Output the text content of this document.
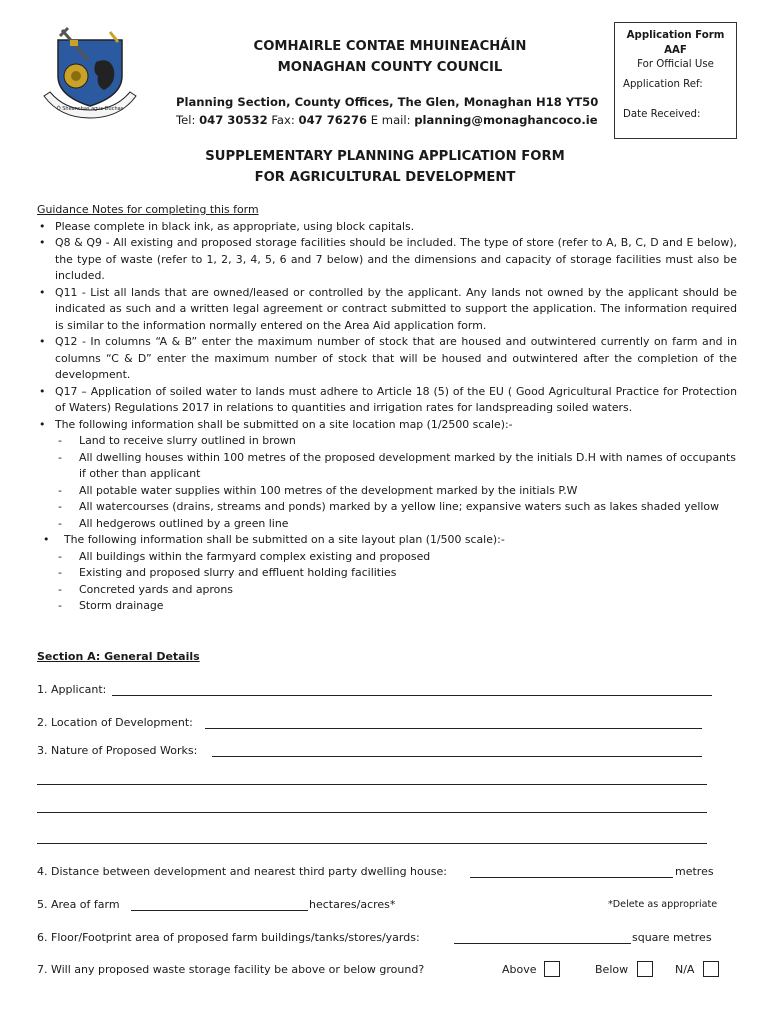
Ó Sheanchas agus Dúchas
COMHAIRLE CONTAE MHUINEACHÁIN
MONAGHAN COUNTY COUNCIL
Planning Section, County Offices, The Glen, Monaghan H18 YT50
Tel: 047 30532 Fax: 047 76276 E mail: planning@monaghancoco.ie
Application Form
AAF
For Official Use
Application Ref:
Date Received:
SUPPLEMENTARY PLANNING APPLICATION FORM
FOR AGRICULTURAL DEVELOPMENT
Guidance Notes for completing this form
• Please complete in black ink, as appropriate, using block capitals.
• Q8 & Q9 - All existing and proposed storage facilities should be included. The type of store (refer to A, B, C, D and E below), the type of waste (refer to 1, 2, 3, 4, 5, 6 and 7 below) and the dimensions and capacity of storage facilities must also be included.
• Q11 - List all lands that are owned/leased or controlled by the applicant. Any lands not owned by the applicant should be indicated as such and a written legal agreement or contract submitted to support the application. The information required is similar to the information normally entered on the Area Aid application form.
• Q12 - In columns “A & B” enter the maximum number of stock that are housed and outwintered currently on farm and in columns “C & D” enter the maximum number of stock that will be housed and outwintered after the completion of the development.
• Q17 – Application of soiled water to lands must adhere to Article 18 (5) of the EU ( Good Agricultural Practice for Protection of Waters) Regulations 2017 in relations to quantities and irrigation rates for landspreading soiled waters.
• The following information shall be submitted on a site location map (1/2500 scale):-
- Land to receive slurry outlined in brown
- All dwelling houses within 100 metres of the proposed development marked by the initials D.H with names of occupants if other than applicant
- All potable water supplies within 100 metres of the development marked by the initials P.W
- All watercourses (drains, streams and ponds) marked by a yellow line; expansive waters such as lakes shaded yellow
- All hedgerows outlined by a green line
• The following information shall be submitted on a site layout plan (1/500 scale):-
- All buildings within the farmyard complex existing and proposed
- Existing and proposed slurry and effluent holding facilities
- Concreted yards and aprons
- Storm drainage
Section A: General Details
1. Applicant:
2. Location of Development:
3. Nature of Proposed Works:
4. Distance between development and nearest third party dwelling house:	metres
5. Area of farm	hectares/acres*	*Delete as appropriate
6. Floor/Footprint area of proposed farm buildings/tanks/stores/yards:	square metres
7. Will any proposed waste storage facility be above or below ground?	Above	Below	N/A
